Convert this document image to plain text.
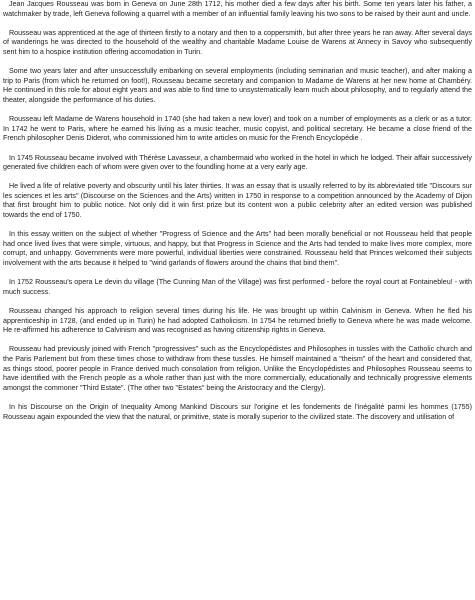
Jean Jacques Rousseau was born in Geneva on June 28th 1712, his mother died a few days after his birth. Some ten years later his father, a watchmaker by trade, left Geneva following a quarrel with a member of an influential family leaving his two sons to be raised by their aunt and uncle.

Rousseau was apprenticed at the age of thirteen firstly to a notary and then to a coppersmith, but after three years he ran away. After several days of wanderings he was directed to the household of the wealthy and charitable Madame Louise de Warens at Annecy in Savoy who subsequently sent him to a hospice institution offering accomodation in Turin.

Some two years later and after unsuccessfully embarking on several employments (including seminarian and music teacher), and after making a trip to Paris (from which he returned on foot!), Rousseau became secretary and companion to Madame de Warens at her new home at Chambéry. He continued in this role for about eight years and was able to find time to unsystematically learn much about philosophy, and to regularly attend the theater, alongside the performance of his duties.

Rousseau left Madame de Warens household in 1740 (she had taken a new lover) and took on a number of employments as a clerk or as a tutor. In 1742 he went to Paris, where he earned his living as a music teacher, music copyist, and political secretary. He became a close friend of the French philosopher Denis Diderot, who commissioned him to write articles on music for the French Encyclopédie .

In 1745 Rousseau became involved with Thérèse Lavasseur, a chambermaid who worked in the hotel in which he lodged. Their affair successively generated five children each of whom were given over to the foundling home at a very early age.

He lived a life of relative poverty and obscurity until his later thirties. It was an essay that is usually referred to by its abbreviated title "Discours sur les sciences et les arts" (Discourse on the Sciences and the Arts) written in 1750 in response to a competition announced by the Academy of Dijon that first brought him to public notice. Not only did it win first prize but its content won a public celebrity after an edited version was published towards the end of 1750.

In this essay written on the subject of whether "Progress of Science and the Arts" had been morally beneficial or not Rousseau held that people had once lived lives that were simple, virtuous, and happy, but that Progress in Science and the Arts had tended to make lives more complex, more corrupt, and unhappy. Governments were more powerful, individual liberties were constrained. Rousseau held that Princes welcomed their subjects involvement with the arts because it helped to "wind garlands of flowers around the chains that bind them".

In 1752 Rousseau's opera Le devin du village (The Cunning Man of the Village) was first performed - before the royal court at Fontainebleu! - with much success.

Rousseau changed his approach to religion several times during his life. He was brought up within Calvinism in Geneva. When he fled his apprenticeship in 1728, (and ended up in Turin) he had adopted Catholicism. In 1754 he returned briefly to Geneva where he was made welcome. He re-affirmed his adherence to Calvinism and was recognised as having citizenship rights in Geneva.

Rousseau had previously joined with French "progressives" such as the Encyclopédistes and Philosophes in tussles with the Catholic church and the Paris Parlement but from these times chose to withdraw from these tussles. He himself maintained a "theism" of the heart and considered that, as things stood, poorer people in France derived much consolation from religion. Unlike the Encyclopédistes and Philosophes Rousseau seems to have identified with the French people as a whole rather than just with the more commercially, educationally and technically progressive elements amongst the commoner "Third Estate". (The other two "Estates" being the Aristocracy and the Clergy).

In his Discourse on the Origin of Inequality Among Mankind Discours sur l'origine et les fondements de l'inégalité parmi les hommes (1755) Rousseau again expounded the view that the natural, or primitive, state is morally superior to the civilized state. The discovery and utilisation of
